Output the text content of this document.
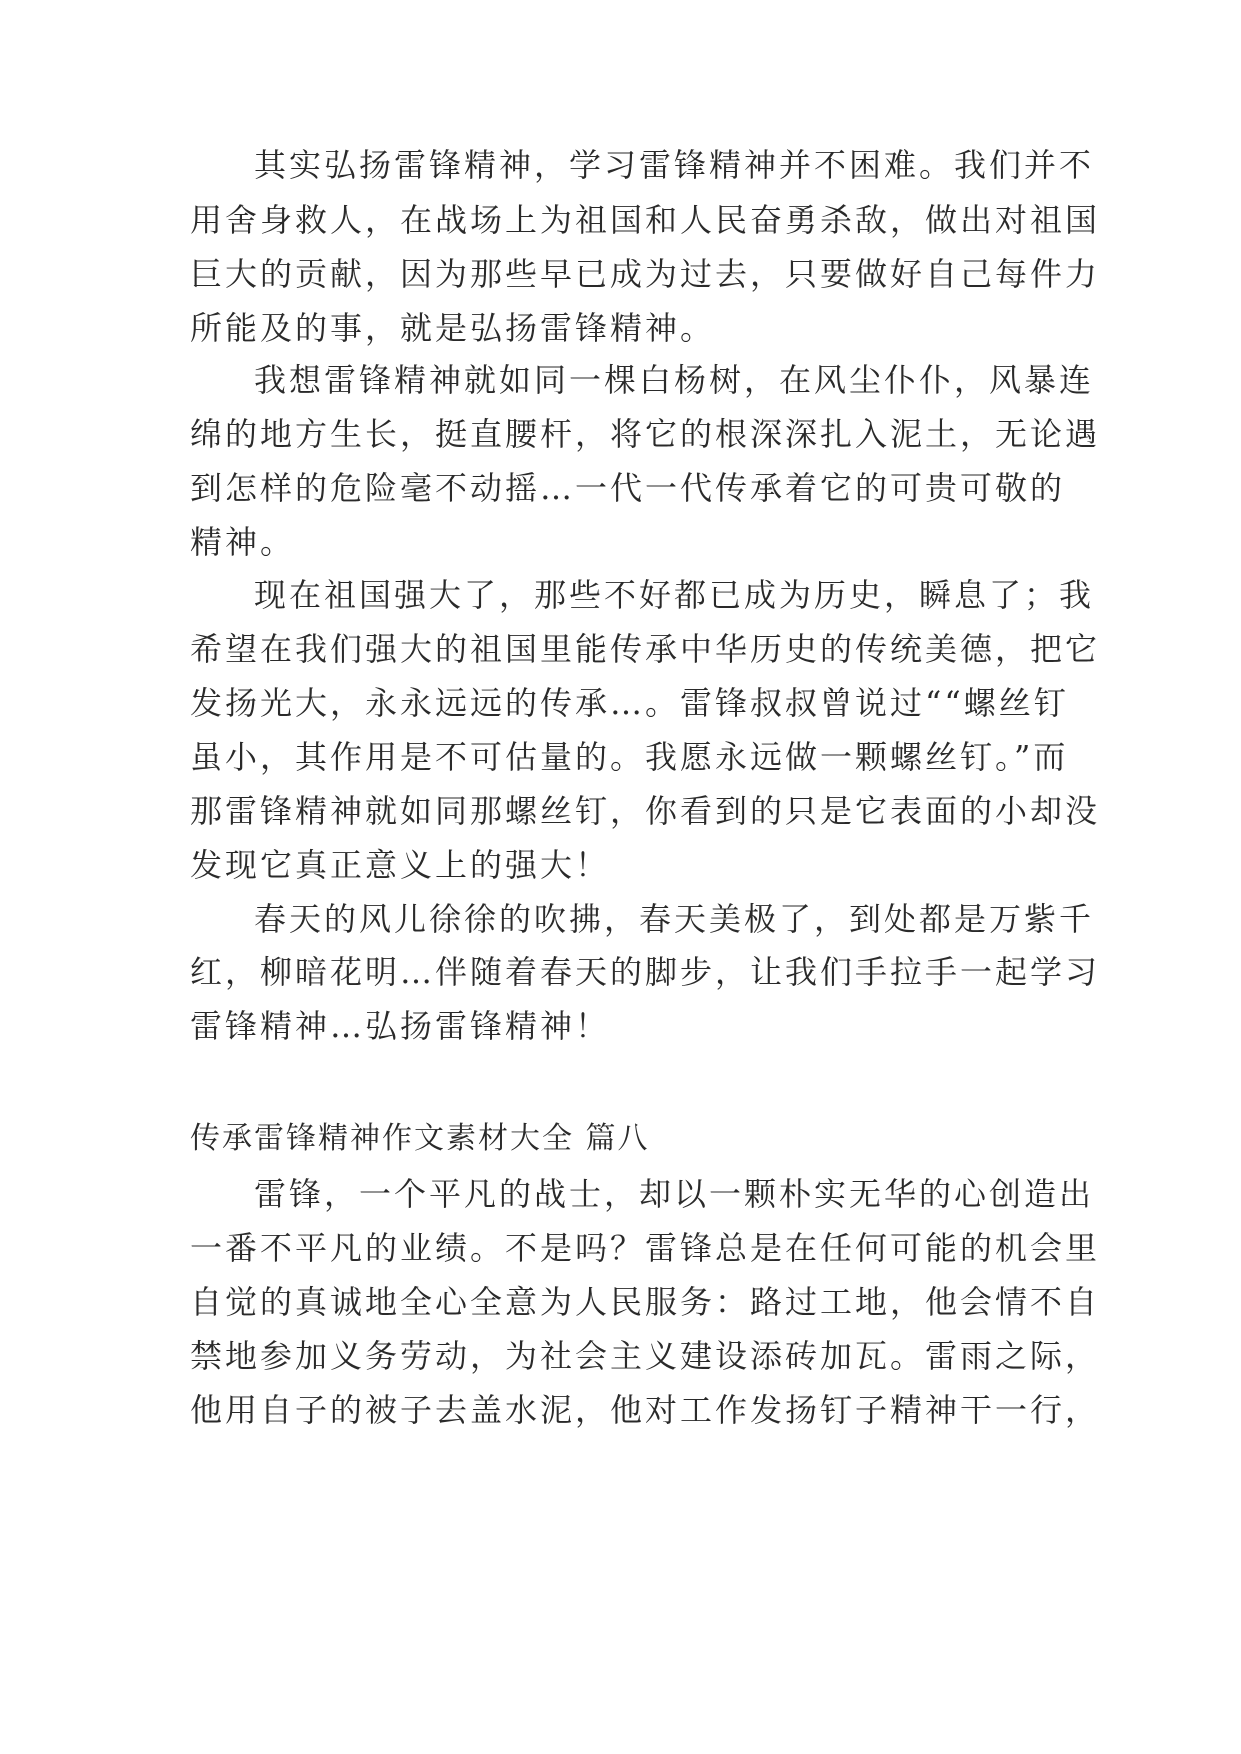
其实弘扬雷锋精神，学习雷锋精神并不困难。我们并不
用舍身救人，在战场上为祖国和人民奋勇杀敌，做出对祖国
巨大的贡献，因为那些早已成为过去，只要做好自己每件力
所能及的事，就是弘扬雷锋精神。
我想雷锋精神就如同一棵白杨树，在风尘仆仆，风暴连
绵的地方生长，挺直腰杆，将它的根深深扎入泥土，无论遇
到怎样的危险毫不动摇…一代一代传承着它的可贵可敬的
精神。
现在祖国强大了，那些不好都已成为历史，瞬息了；我
希望在我们强大的祖国里能传承中华历史的传统美德，把它
发扬光大，永永远远的传承…。雷锋叔叔曾说过““螺丝钉
虽小，其作用是不可估量的。我愿永远做一颗螺丝钉。”而
那雷锋精神就如同那螺丝钉，你看到的只是它表面的小却没
发现它真正意义上的强大！
春天的风儿徐徐的吹拂，春天美极了，到处都是万紫千
红，柳暗花明…伴随着春天的脚步，让我们手拉手一起学习
雷锋精神…弘扬雷锋精神！
传承雷锋精神作文素材大全 篇八
雷锋，一个平凡的战士，却以一颗朴实无华的心创造出
一番不平凡的业绩。不是吗？雷锋总是在任何可能的机会里
自觉的真诚地全心全意为人民服务：路过工地，他会情不自
禁地参加义务劳动，为社会主义建设添砖加瓦。雷雨之际，
他用自子的被子去盖水泥，他对工作发扬钉子精神干一行，
